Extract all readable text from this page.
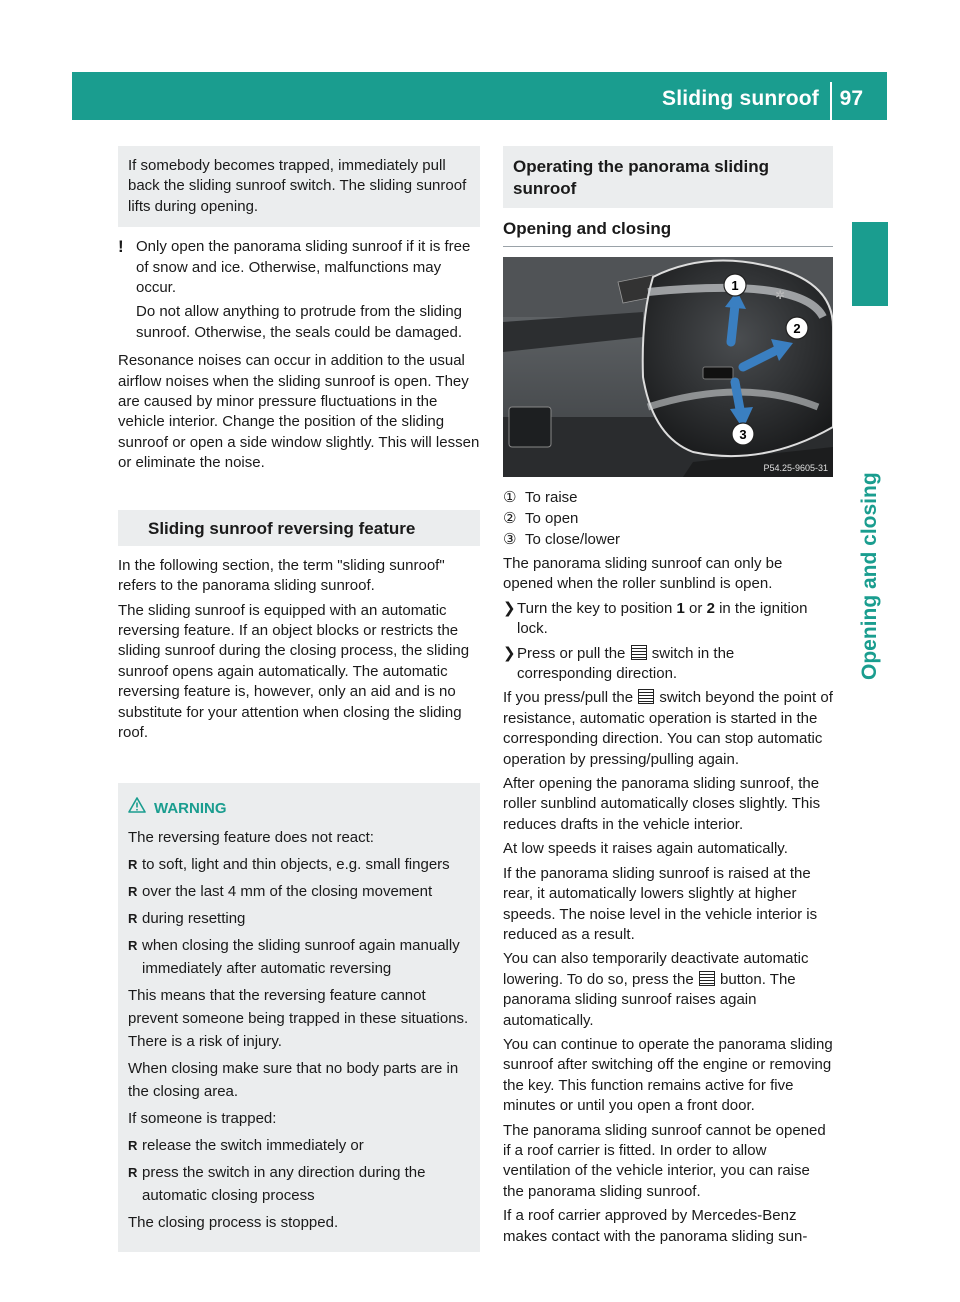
Sliding sunroof 97
Opening and closing

If somebody becomes trapped, immediately pull back the sliding sunroof switch. The sliding sunroof lifts during opening.

! Only open the panorama sliding sunroof if it is free of snow and ice. Otherwise, malfunctions may occur.

Do not allow anything to protrude from the sliding sunroof. Otherwise, the seals could be damaged.

Resonance noises can occur in addition to the usual airflow noises when the sliding sunroof is open. They are caused by minor pressure fluctuations in the vehicle interior. Change the position of the sliding sunroof or open a side window slightly. This will lessen or eliminate the noise.

Sliding sunroof reversing feature

In the following section, the term "sliding sunroof" refers to the panorama sliding sunroof.

The sliding sunroof is equipped with an automatic reversing feature. If an object blocks or restricts the sliding sunroof during the closing process, the sliding sunroof opens again automatically. The automatic reversing feature is, however, only an aid and is no substitute for your attention when closing the sliding roof.

WARNING

The reversing feature does not react:

R to soft, light and thin objects, e.g. small fingers
R over the last 4 mm of the closing movement
R during resetting
R when closing the sliding sunroof again manually immediately after automatic reversing

This means that the reversing feature cannot prevent someone being trapped in these situations. There is a risk of injury.

When closing make sure that no body parts are in the closing area.

If someone is trapped:

R release the switch immediately or
R press the switch in any direction during the automatic closing process

The closing process is stopped.

Operating the panorama sliding sunroof
Opening and closing
✲
1
2
3
P54.25-9605-31
① To raise
② To open
③ To close/lower

The panorama sliding sunroof can only be opened when the roller sunblind is open.

❯ Turn the key to position 1 or 2 in the ignition lock.
❯ Press or pull the  switch in the corresponding direction.

If you press/pull the  switch beyond the point of resistance, automatic operation is started in the corresponding direction. You can stop automatic operation by pressing/pulling again.

After opening the panorama sliding sunroof, the roller sunblind automatically closes slightly. This reduces drafts in the vehicle interior.

At low speeds it raises again automatically.

If the panorama sliding sunroof is raised at the rear, it automatically lowers slightly at higher speeds. The noise level in the vehicle interior is reduced as a result.

You can also temporarily deactivate automatic lowering. To do so, press the  button. The panorama sliding sunroof raises again automatically.

You can continue to operate the panorama sliding sunroof after switching off the engine or removing the key. This function remains active for five minutes or until you open a front door.

The panorama sliding sunroof cannot be opened if a roof carrier is fitted. In order to allow ventilation of the vehicle interior, you can raise the panorama sliding sunroof.

If a roof carrier approved by Mercedes-Benz makes contact with the panorama sliding sun-
